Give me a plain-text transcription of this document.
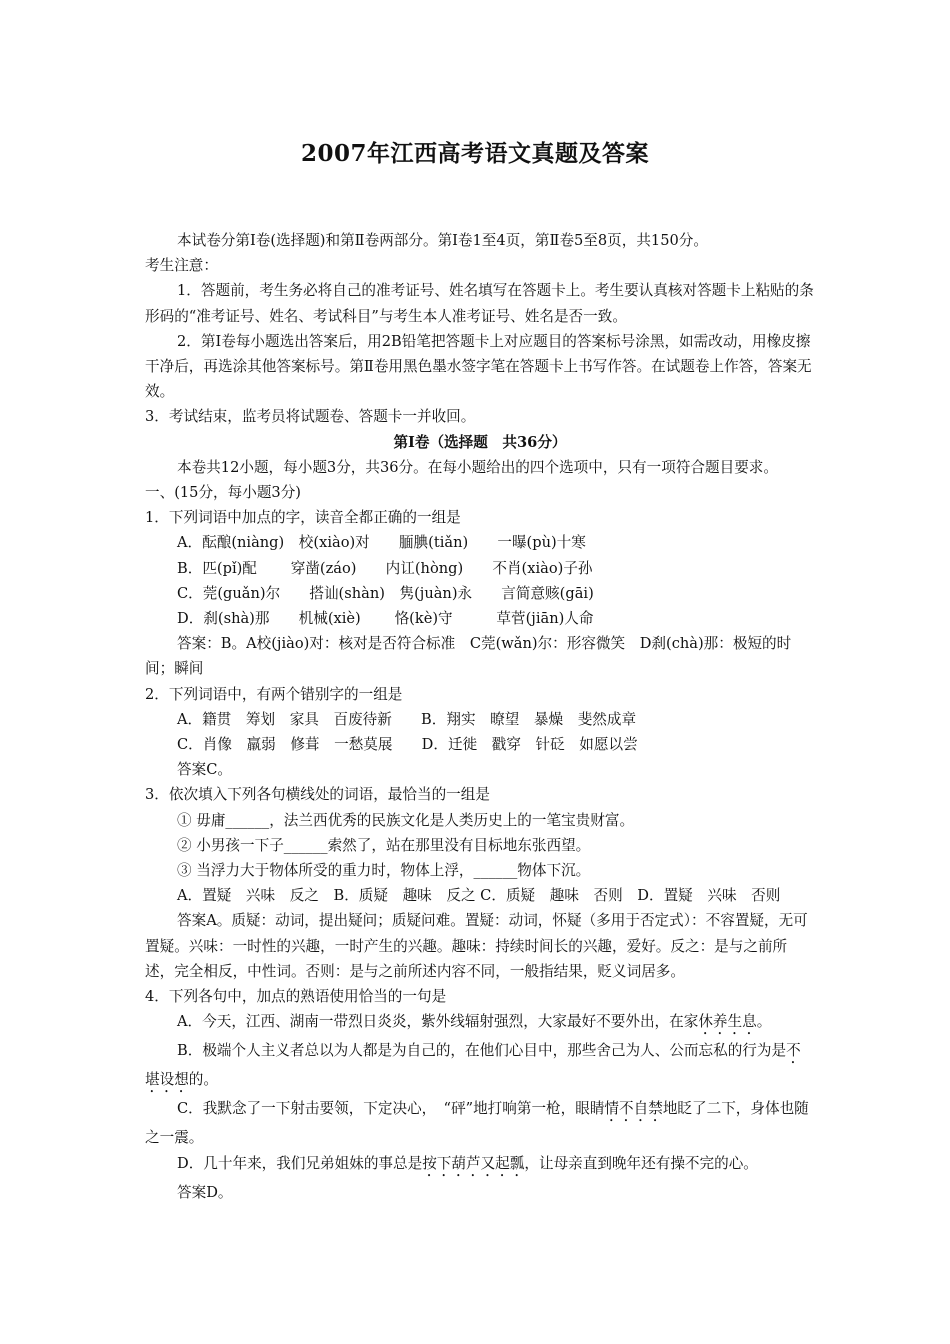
2007年江西高考语文真题及答案

本试卷分第Ⅰ卷(选择题)和第Ⅱ卷两部分。第Ⅰ卷1至4页，第Ⅱ卷5至8页，共150分。

考生注意：

1．答题前，考生务必将自己的准考证号、姓名填写在答题卡上。考生要认真核对答题卡上粘贴的条形码的“准考证号、姓名、考试科目”与考生本人准考证号、姓名是否一致。

2．第Ⅰ卷每小题选出答案后，用2B铅笔把答题卡上对应题目的答案标号涂黑，如需改动，用橡皮擦干净后，再选涂其他答案标号。第Ⅱ卷用黑色墨水签字笔在答题卡上书写作答。在试题卷上作答，答案无效。

3．考试结束，监考员将试题卷、答题卡一并收回。

第Ⅰ卷（选择题　共36分）

本卷共12小题，每小题3分，共36分。在每小题给出的四个选项中，只有一项符合题目要求。

一、(15分，每小题3分)

1．下列词语中加点的字，读音全都正确的一组是

A．酝酿(niàng)　校(xiào)对　　腼腆(tiǎn)　　一曝(pù)十寒

B．匹(pǐ)配　　 穿凿(záo)　　内讧(hòng)　　不肖(xiào)子孙

C．莞(guǎn)尔　　搭讪(shàn)　隽(juàn)永　　言简意赅(gāi)

D．刹(shà)那　　机械(xiè)　　 恪(kè)守　　　草菅(jiān)人命

答案：B。A校(jiào)对：核对是否符合标准　C莞(wǎn)尔：形容微笑　D刹(chà)那：极短的时间；瞬间

2．下列词语中，有两个错别字的一组是

A．籍贯　筹划　家具　百废待新　　B．翔实　暸望　暴燥　斐然成章

C．肖像　羸弱　修葺　一愁莫展　　D．迁徙　戳穿　针砭　如愿以尝

答案C。

3．依次填入下列各句横线处的词语，最恰当的一组是

① 毋庸______，法兰西优秀的民族文化是人类历史上的一笔宝贵财富。

② 小男孩一下子______索然了，站在那里没有目标地东张西望。

③ 当浮力大于物体所受的重力时，物体上浮，______物体下沉。

A．置疑　兴味　反之　B．质疑　趣味　反之 C．质疑　趣味　否则　D．置疑　兴味　否则

答案A。质疑：动词，提出疑问；质疑问难。置疑：动词，怀疑（多用于否定式）：不容置疑，无可置疑。兴味：一时性的兴趣，一时产生的兴趣。趣味：持续时间长的兴趣，爱好。反之：是与之前所述，完全相反，中性词。否则：是与之前所述内容不同，一般指结果，贬义词居多。

4．下列各句中，加点的熟语使用恰当的一句是

A．今天，江西、湖南一带烈日炎炎，紫外线辐射强烈，大家最好不要外出，在家休养生息。

B．极端个人主义者总以为人都是为自己的，在他们心目中，那些舍己为人、公而忘私的行为是不堪设想的。

C．我默念了一下射击要领，下定决心，　“砰”地打响第一枪，眼睛情不自禁地眨了二下，身体也随之一震。

D．几十年来，我们兄弟姐妹的事总是按下葫芦又起瓢，让母亲直到晚年还有操不完的心。

答案D。
